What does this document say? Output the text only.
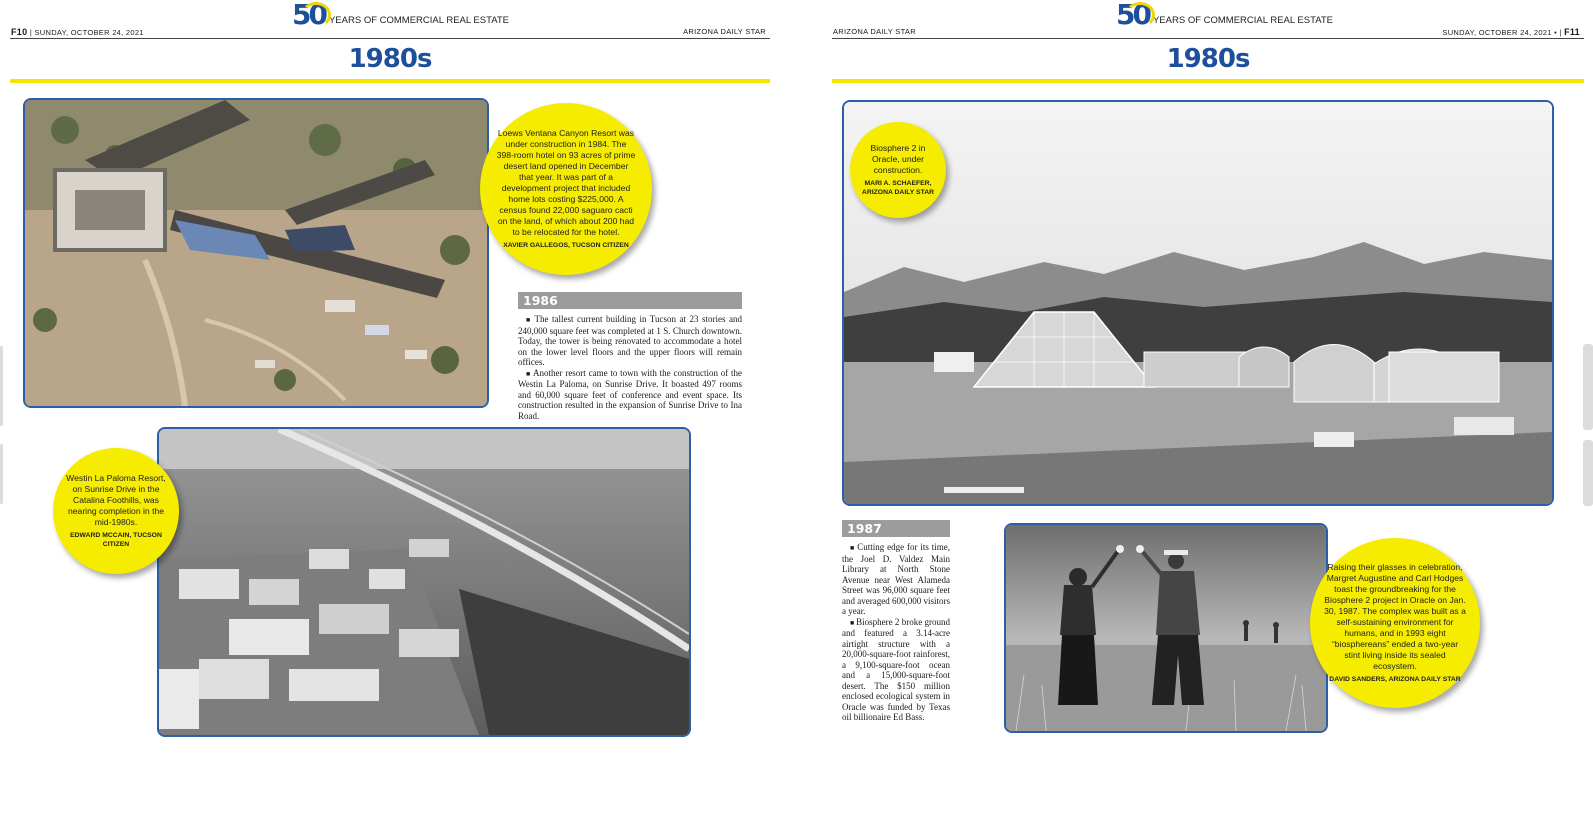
F10 | SUNDAY, OCTOBER 24, 2021
50 YEARS OF COMMERCIAL REAL ESTATE
ARIZONA DAILY STAR
1980s
Loews Ventana Canyon Resort was under construction in 1984. The 398-room hotel on 93 acres of prime desert land opened in December that year. It was part of a development project that included home lots costing $225,000. A census found 22,000 saguaro cacti on the land, of which about 200 had to be relocated for the hotel.
XAVIER GALLEGOS, TUCSON CITIZEN
1986

■ The tallest current building in Tucson at 23 stories and 240,000 square feet was completed at 1 S. Church downtown. Today, the tower is being renovated to accommodate a hotel on the lower level floors and the upper floors will remain offices.

■ Another resort came to town with the construction of the Westin La Paloma, on Sunrise Drive. It boasted 497 rooms and 60,000 square feet of conference and event space. Its construction resulted in the expansion of Sunrise Drive to Ina Road.

Westin La Paloma Resort, on Sunrise Drive in the Catalina Foothills, was nearing completion in the mid-1980s.
EDWARD MCCAIN, TUCSON CITIZEN
ARIZONA DAILY STAR
50 YEARS OF COMMERCIAL REAL ESTATE
SUNDAY, OCTOBER 24, 2021 • | F11
1980s
Biosphere 2 in Oracle, under construction.
MARI A. SCHAEFER, ARIZONA DAILY STAR
1987

■ Cutting edge for its time, the Joel D. Valdez Main Library at North Stone Avenue near West Alameda Street was 96,000 square feet and averaged 600,000 visitors a year.

■ Biosphere 2 broke ground and featured a 3.14-acre airtight structure with a 20,000-square-foot rainforest, a 9,100-square-foot ocean and a 15,000-square-foot desert. The $150 million enclosed ecological system in Oracle was funded by Texas oil billionaire Ed Bass.

Raising their glasses in celebration, Margret Augustine and Carl Hodges toast the groundbreaking for the Biosphere 2 project in Oracle on Jan. 30, 1987. The complex was built as a self-sustaining environment for humans, and in 1993 eight “biosphereans” ended a two-year stint living inside its sealed ecosystem.
DAVID SANDERS, ARIZONA DAILY STAR
